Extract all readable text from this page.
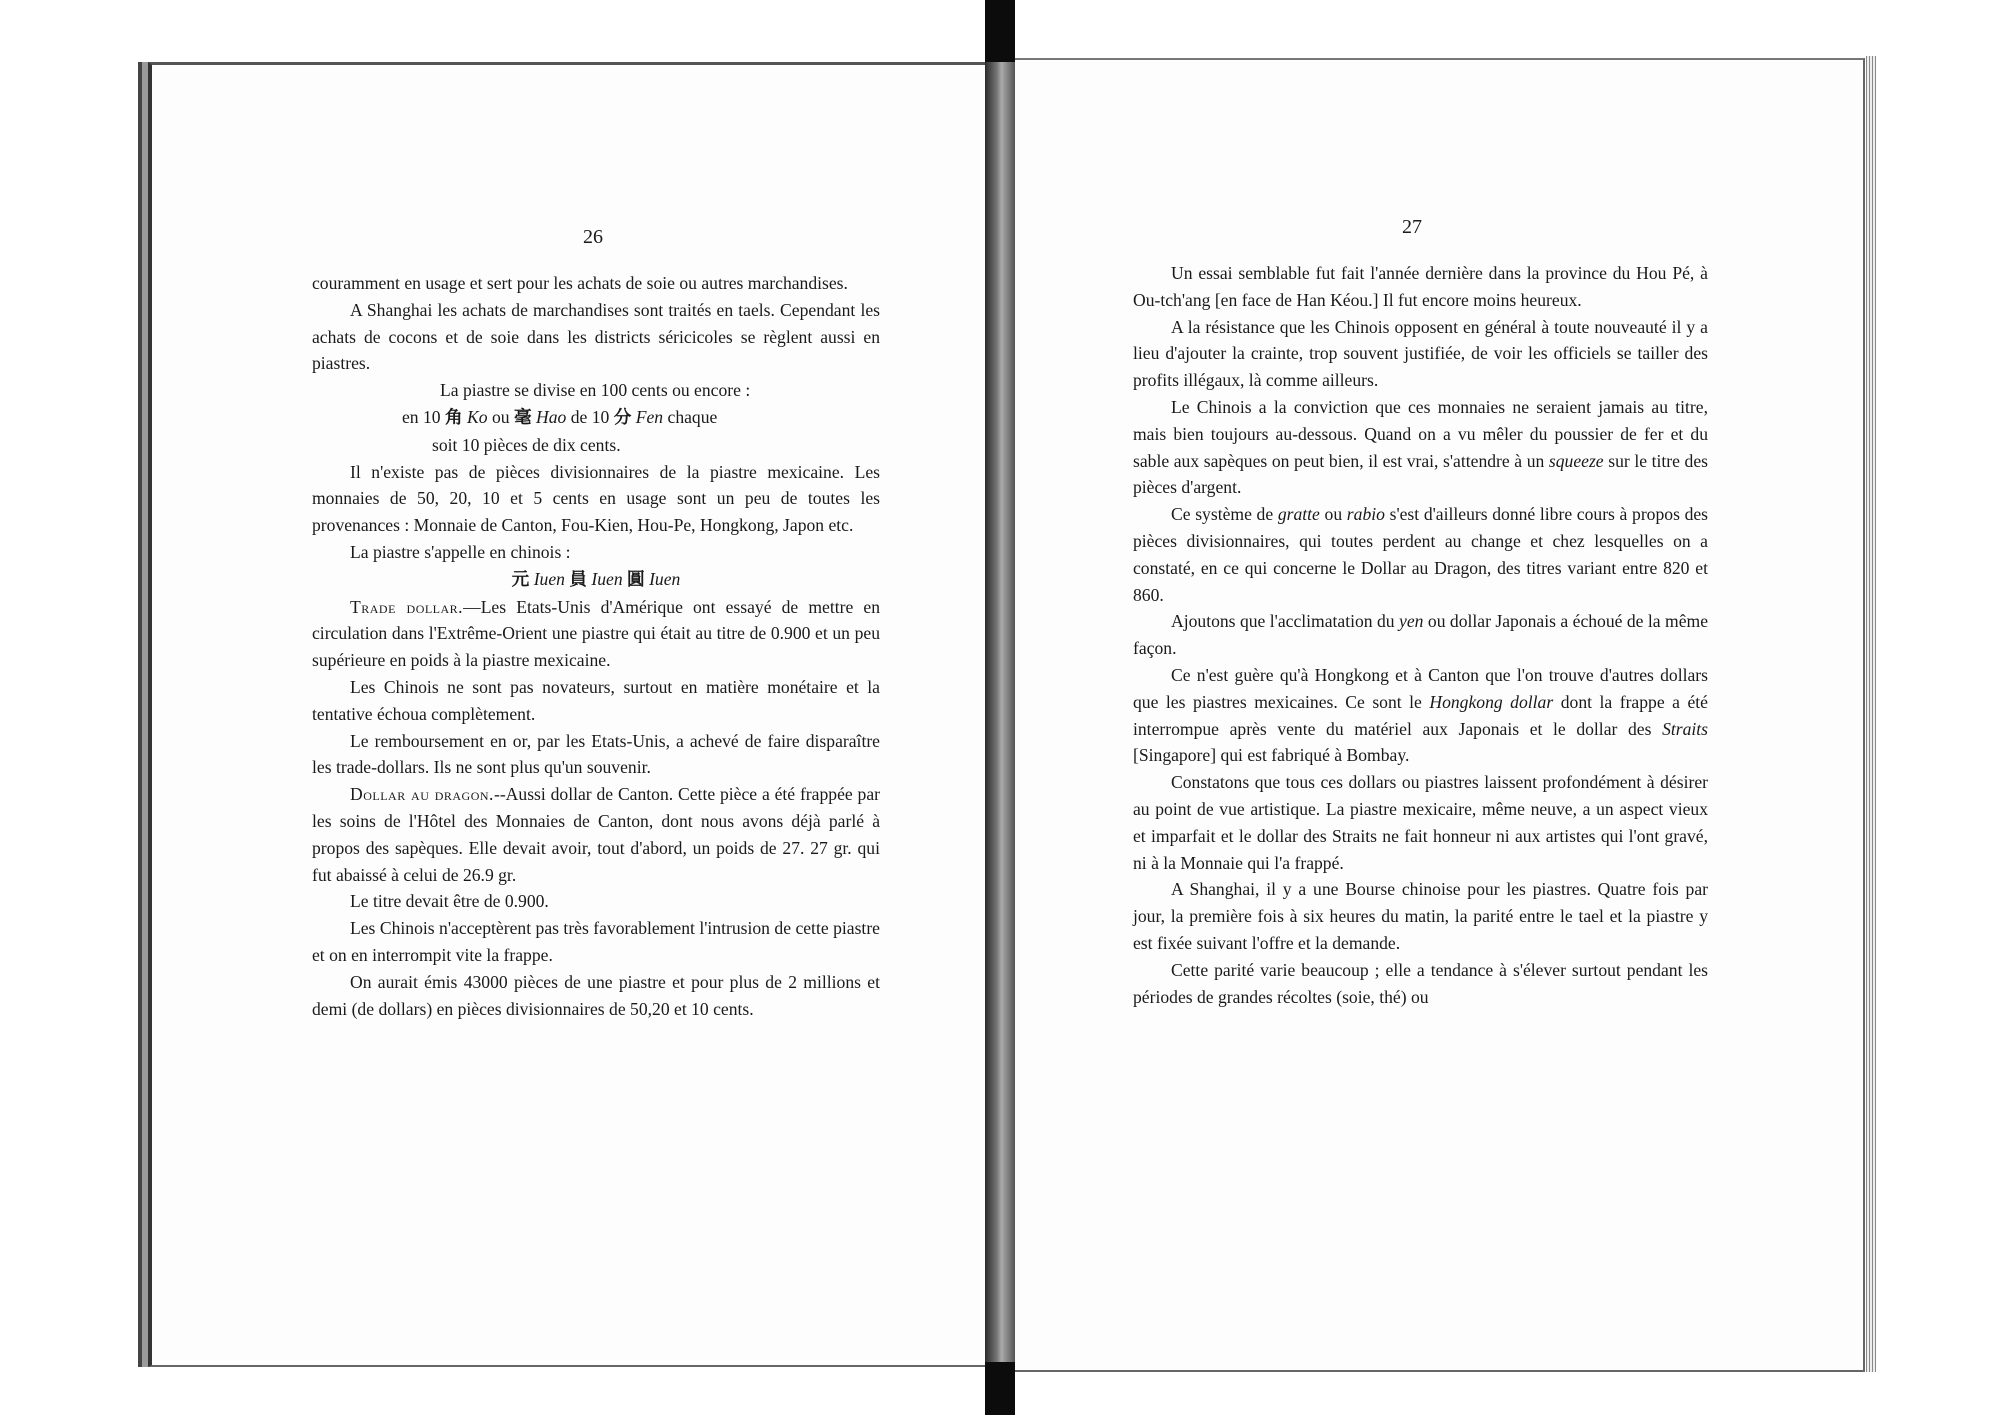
26	27

couramment en usage et sert pour les achats de soie ou autres marchandises.

A Shanghai les achats de marchandises sont traités en taels. Cependant les achats de cocons et de soie dans les districts séricicoles se règlent aussi en piastres.

La piastre se divise en 100 cents ou encore :

en 10 角 Ko ou 毫 Hao de 10 分 Fen chaque

soit 10 pièces de dix cents.

Il n'existe pas de pièces divisionnaires de la piastre mexicaine. Les monnaies de 50, 20, 10 et 5 cents en usage sont un peu de toutes les provenances : Monnaie de Canton, Fou-Kien, Hou-Pe, Hongkong, Japon etc.

La piastre s'appelle en chinois :

元 Iuen 員 Iuen 圓 Iuen

Trade dollar.—Les Etats-Unis d'Amérique ont essayé de mettre en circulation dans l'Extrême-Orient une piastre qui était au titre de 0.900 et un peu supérieure en poids à la piastre mexicaine.

Les Chinois ne sont pas novateurs, surtout en matière monétaire et la tentative échoua complètement.

Le remboursement en or, par les Etats-Unis, a achevé de faire disparaître les trade-dollars. Ils ne sont plus qu'un souvenir.

Dollar au dragon.--Aussi dollar de Canton. Cette pièce a été frappée par les soins de l'Hôtel des Monnaies de Canton, dont nous avons déjà parlé à propos des sapèques. Elle devait avoir, tout d'abord, un poids de 27. 27 gr. qui fut abaissé à celui de 26.9 gr.

Le titre devait être de 0.900.

Les Chinois n'acceptèrent pas très favorablement l'intrusion de cette piastre et on en interrompit vite la frappe.

On aurait émis 43000 pièces de une piastre et pour plus de 2 millions et demi (de dollars) en pièces divisionnaires de 50,20 et 10 cents.

Un essai semblable fut fait l'année dernière dans la province du Hou Pé, à Ou-tch'ang [en face de Han Kéou.] Il fut encore moins heureux.

A la résistance que les Chinois opposent en général à toute nouveauté il y a lieu d'ajouter la crainte, trop souvent justifiée, de voir les officiels se tailler des profits illégaux, là comme ailleurs.

Le Chinois a la conviction que ces monnaies ne seraient jamais au titre, mais bien toujours au-dessous. Quand on a vu mêler du poussier de fer et du sable aux sapèques on peut bien, il est vrai, s'attendre à un squeeze sur le titre des pièces d'argent.

Ce système de gratte ou rabio s'est d'ailleurs donné libre cours à propos des pièces divisionnaires, qui toutes perdent au change et chez lesquelles on a constaté, en ce qui concerne le Dollar au Dragon, des titres variant entre 820 et 860.

Ajoutons que l'acclimatation du yen ou dollar Japonais a échoué de la même façon.

Ce n'est guère qu'à Hongkong et à Canton que l'on trouve d'autres dollars que les piastres mexicaines. Ce sont le Hongkong dollar dont la frappe a été interrompue après vente du matériel aux Japonais et le dollar des Straits [Singapore] qui est fabriqué à Bombay.

Constatons que tous ces dollars ou piastres laissent profondément à désirer au point de vue artistique. La piastre mexicaire, même neuve, a un aspect vieux et imparfait et le dollar des Straits ne fait honneur ni aux artistes qui l'ont gravé, ni à la Monnaie qui l'a frappé.

A Shanghai, il y a une Bourse chinoise pour les piastres. Quatre fois par jour, la première fois à six heures du matin, la parité entre le tael et la piastre y est fixée suivant l'offre et la demande.

Cette parité varie beaucoup ; elle a tendance à s'élever surtout pendant les périodes de grandes récoltes (soie, thé) ou
